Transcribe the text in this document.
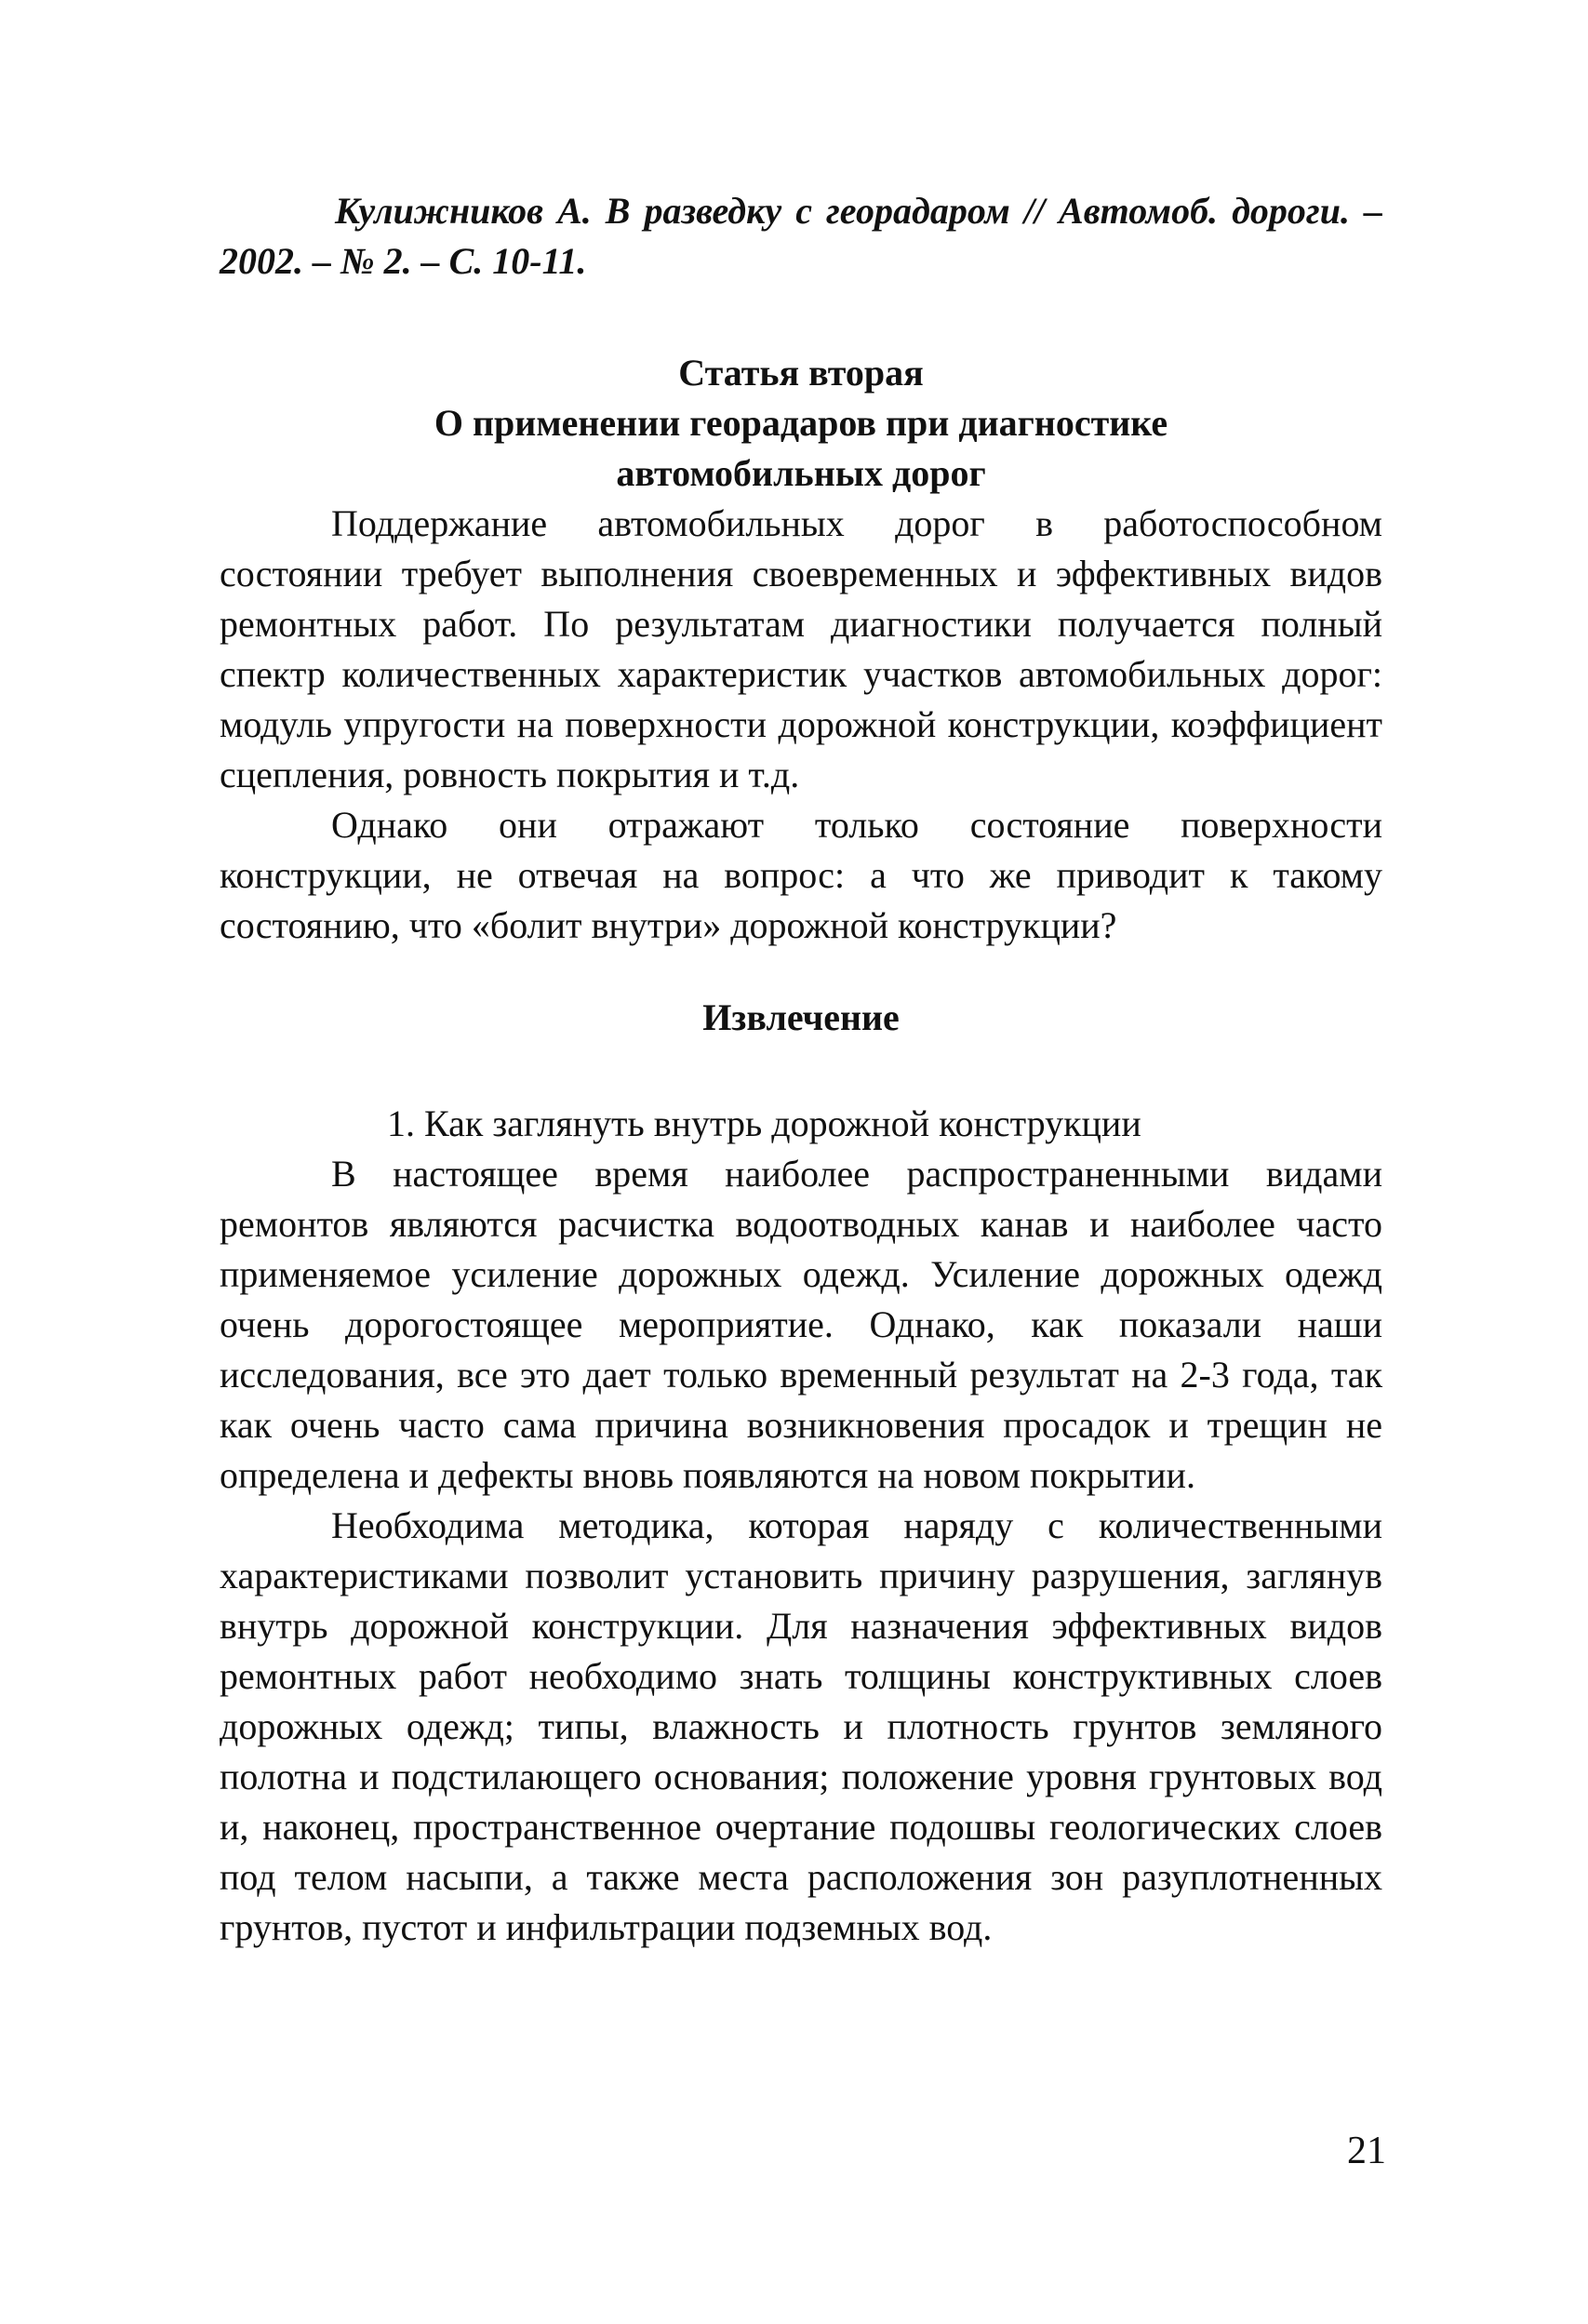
Кулижников А. В разведку с георадаром // Автомоб. дороги. – 2002. – № 2. – С. 10-11.
Статья вторая
О применении георадаров при диагностике
автомобильных дорог

Поддержание автомобильных дорог в работоспособном состоянии требует выполнения своевременных и эффективных видов ремонтных работ. По результатам диагностики получается полный спектр количественных характеристик участков автомобильных дорог: модуль упругости на поверхности дорожной конструкции, коэффициент сцепления, ровность покрытия и т.д.

Однако они отражают только состояние поверхности конструкции, не отвечая на вопрос: а что же приводит к такому состоянию, что «болит внутри» дорожной конструкции?

Извлечение
1. Как заглянуть внутрь дорожной конструкции

В настоящее время наиболее распространенными видами ремонтов являются расчистка водоотводных канав и наиболее часто применяемое усиление дорожных одежд. Усиление дорожных одежд очень дорогостоящее мероприятие. Однако, как показали наши исследования, все это дает только временный результат на 2-3 года, так как очень часто сама причина возникновения просадок и трещин не определена и дефекты вновь появляются на новом покрытии.

Необходима методика, которая наряду с количественными характеристиками позволит установить причину разрушения, заглянув внутрь дорожной конструкции. Для назначения эффективных видов ремонтных работ необходимо знать толщины конструктивных слоев дорожных одежд; типы, влажность и плотность грунтов земляного полотна и подстилающего основания; положение уровня грунтовых вод и, наконец, пространственное очертание подошвы геологических слоев под телом насыпи, а также места расположения зон разуплотненных грунтов, пустот и инфильтрации подземных вод.

21
